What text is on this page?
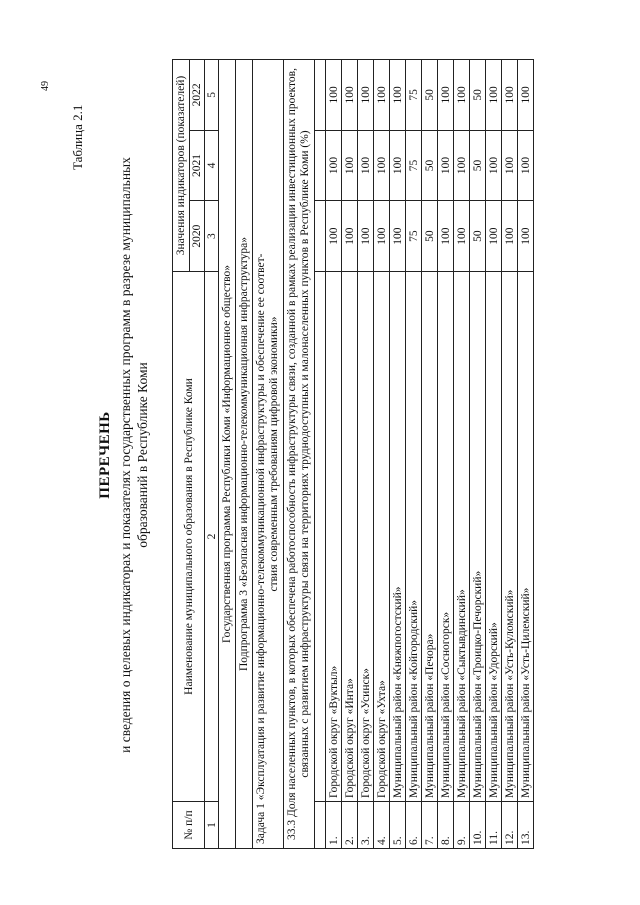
49
Таблица 2.1
ПЕРЕЧЕНЬ и сведения о целевых индикаторах и показателях государственных программ в разрезе муниципальных образований в Республике Коми
№ п/п	Наименование муниципального образования в Республике Коми	Значения индикаторов (показателей)		
		2020	2021	2022
1	2	3	4	5
Государственная программа Республики Коми «Информационное общество»				
Подпрограмма 3 «Безопасная информационно-телекоммуникационная инфраструктура»				
Задача 1 «Эксплуатация и развитие информационно-телекоммуникационной инфраструктуры и обеспечение ее соответ- ствия современным требованиям цифровой экономики»				

33.3 Доля населенных пунктов, в которых обеспечена работоспособность инфраструктуры связи, созданной в рамках реализации инвестиционных проектов, связанных с развитием инфраструктуры связи на территориях труднодоступных и малонаселенных пунктов в Республике Коми (%)				

1.	Городской округ «Вуктыл»	100	100	100
2.	Городской округ «Инта»	100	100	100
3.	Городской округ «Усинск»	100	100	100
4.	Городской округ «Ухта»	100	100	100
5.	Муниципальный район «Княжпогостский»	100	100	100
6.	Муниципальный район «Койгородский»	75	75	75
7.	Муниципальный район «Печора»	50	50	50
8.	Муниципальный район «Сосногорск»	100	100	100
9.	Муниципальный район «Сыктывдинский»	100	100	100
10.	Муниципальный район «Троицко-Печорский»	50	50	50
11.	Муниципальный район «Удорский»	100	100	100
12.	Муниципальный район «Усть-Куломский»	100	100	100
13.	Муниципальный район «Усть-Цилемский»	100	100	100
